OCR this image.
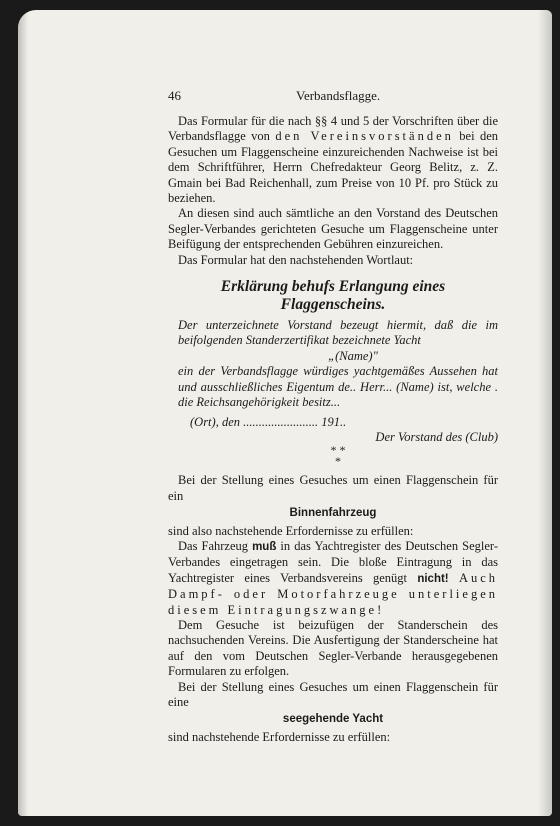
46	Verbandsflagge.

Das Formular für die nach §§ 4 und 5 der Vorschriften über die Verbandsflagge von den Vereinsvorständen bei den Gesuchen um Flaggenscheine einzureichenden Nachweise ist bei dem Schriftführer, Herrn Chefredakteur Georg Belitz, z. Z. Gmain bei Bad Reichenhall, zum Preise von 10 Pf. pro Stück zu beziehen.

An diesen sind auch sämtliche an den Vorstand des Deutschen Segler-Verbandes gerichteten Gesuche um Flaggenscheine unter Beifügung der entsprechenden Gebühren einzureichen.

Das Formular hat den nachstehenden Wortlaut:

Erklärung behufs Erlangung eines Flaggenscheins.

Der unterzeichnete Vorstand bezeugt hiermit, daß die im beifolgenden Standerzertifikat bezeichnete Yacht

„(Name)"

ein der Verbandsflagge würdiges yachtgemäßes Aussehen hat und ausschließliches Eigentum de.. Herr... (Name) ist, welche . die Reichsangehörigkeit besitz...

(Ort), den ........................ 191..
Der Vorstand des (Club)
* *
*

Bei der Stellung eines Gesuches um einen Flaggenschein für ein

Binnenfahrzeug

sind also nachstehende Erfordernisse zu erfüllen:

Das Fahrzeug muß in das Yachtregister des Deutschen Segler-Verbandes eingetragen sein. Die bloße Eintragung in das Yachtregister eines Verbandsvereins genügt nicht! Auch Dampf- oder Motorfahrzeuge unterliegen diesem Eintragungszwange!

Dem Gesuche ist beizufügen der Standerschein des nachsuchenden Vereins. Die Ausfertigung der Standerscheine hat auf den vom Deutschen Segler-Verbande herausgegebenen Formularen zu erfolgen.

Bei der Stellung eines Gesuches um einen Flaggenschein für eine

seegehende Yacht

sind nachstehende Erfordernisse zu erfüllen:
